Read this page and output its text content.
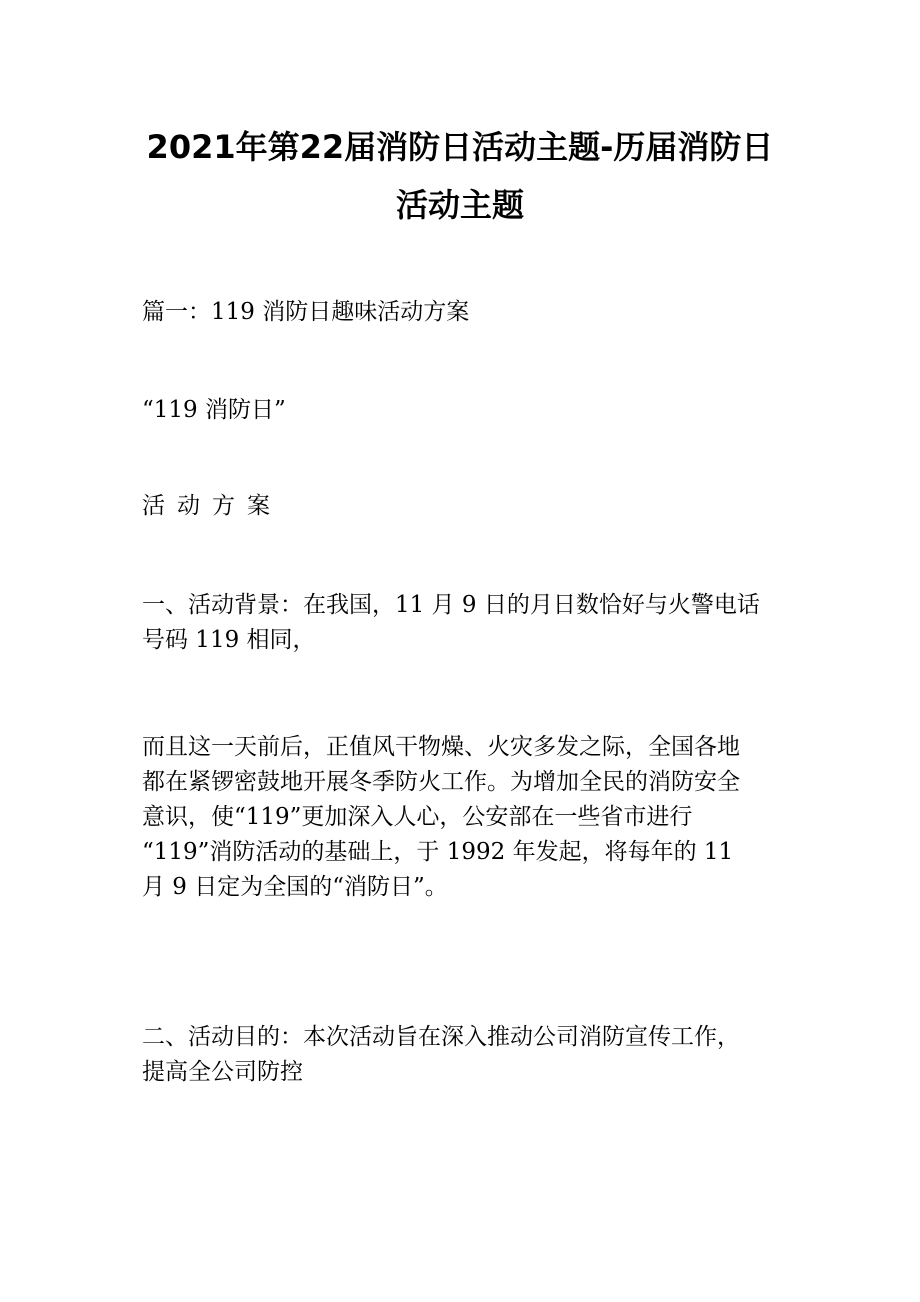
2021年第22届消防日活动主题-历届消防日
活动主题

篇一：119 消防日趣味活动方案

“119 消防日”

活动方案

一、活动背景：在我国，11 月 9 日的月日数恰好与火警电话
号码 119 相同，

而且这一天前后，正值风干物燥、火灾多发之际，全国各地
都在紧锣密鼓地开展冬季防火工作。为增加全民的消防安全
意识，使“119”更加深入人心，公安部在一些省市进行
“119”消防活动的基础上，于 1992 年发起，将每年的 11
月 9 日定为全国的“消防日”。

二、活动目的：本次活动旨在深入推动公司消防宣传工作，
提高全公司防控
